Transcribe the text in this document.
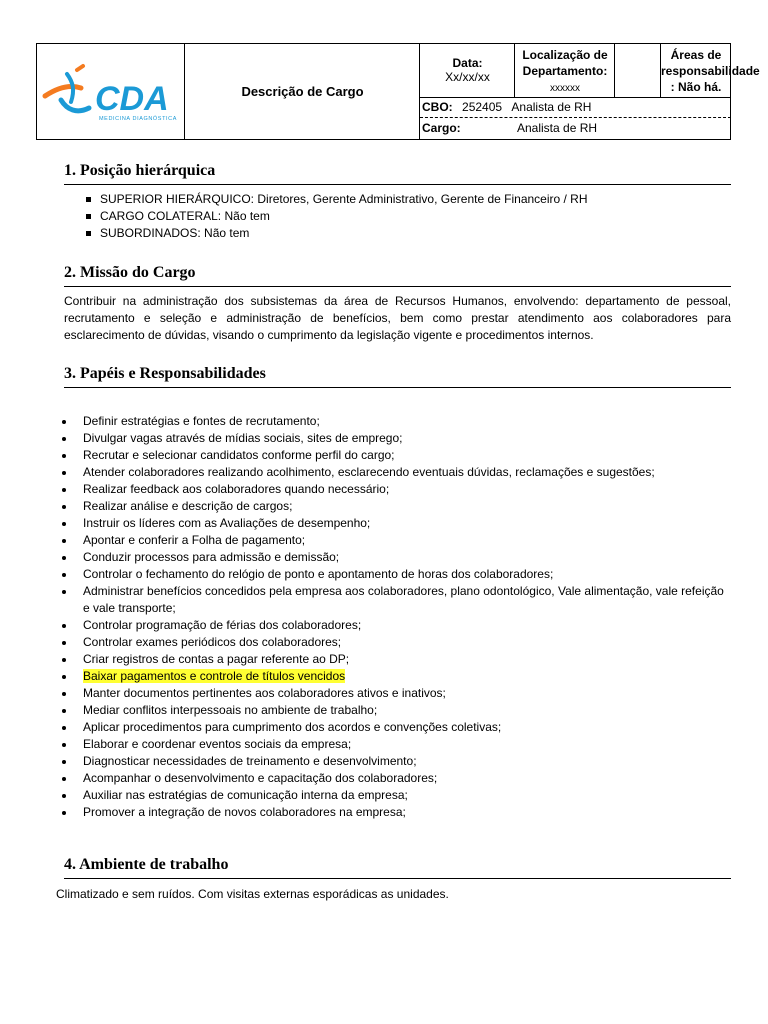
CDA
MEDICINA DIAGNÓSTICA
Descrição de Cargo
Data:
Xx/xx/xx
Localização de
Departamento:
xxxxxx
Áreas de
responsabilidade
: Não há.
CBO: 252405 Analista de RH
Cargo:	Analista de RH
1. Posição hierárquica
SUPERIOR HIERÁRQUICO: Diretores, Gerente Administrativo, Gerente de Financeiro / RH
CARGO COLATERAL: Não tem
SUBORDINADOS: Não tem
2. Missão do Cargo
Contribuir na administração dos subsistemas da área de Recursos Humanos, envolvendo: departamento de pessoal, recrutamento e seleção e administração de benefícios, bem como prestar atendimento aos colaboradores para esclarecimento de dúvidas, visando o cumprimento da legislação vigente e procedimentos internos.
3. Papéis e Responsabilidades
Definir estratégias e fontes de recrutamento;
Divulgar vagas através de mídias sociais, sites de emprego;
Recrutar e selecionar candidatos conforme perfil do cargo;
Atender colaboradores realizando acolhimento, esclarecendo eventuais dúvidas, reclamações e sugestões;
Realizar feedback aos colaboradores quando necessário;
Realizar análise e descrição de cargos;
Instruir os líderes com as Avaliações de desempenho;
Apontar e conferir a Folha de pagamento;
Conduzir processos para admissão e demissão;
Controlar o fechamento do relógio de ponto e apontamento de horas dos colaboradores;
Administrar benefícios concedidos pela empresa aos colaboradores, plano odontológico, Vale alimentação, vale refeição e vale transporte;
Controlar programação de férias dos colaboradores;
Controlar exames periódicos dos colaboradores;
Criar registros de contas a pagar referente ao DP;
Baixar pagamentos e controle de títulos vencidos
Manter documentos pertinentes aos colaboradores ativos e inativos;
Mediar conflitos interpessoais no ambiente de trabalho;
Aplicar procedimentos para cumprimento dos acordos e convenções coletivas;
Elaborar e coordenar eventos sociais da empresa;
Diagnosticar necessidades de treinamento e desenvolvimento;
Acompanhar o desenvolvimento e capacitação dos colaboradores;
Auxiliar nas estratégias de comunicação interna da empresa;
Promover a integração de novos colaboradores na empresa;
4. Ambiente de trabalho
Climatizado e sem ruídos. Com visitas externas esporádicas as unidades.
